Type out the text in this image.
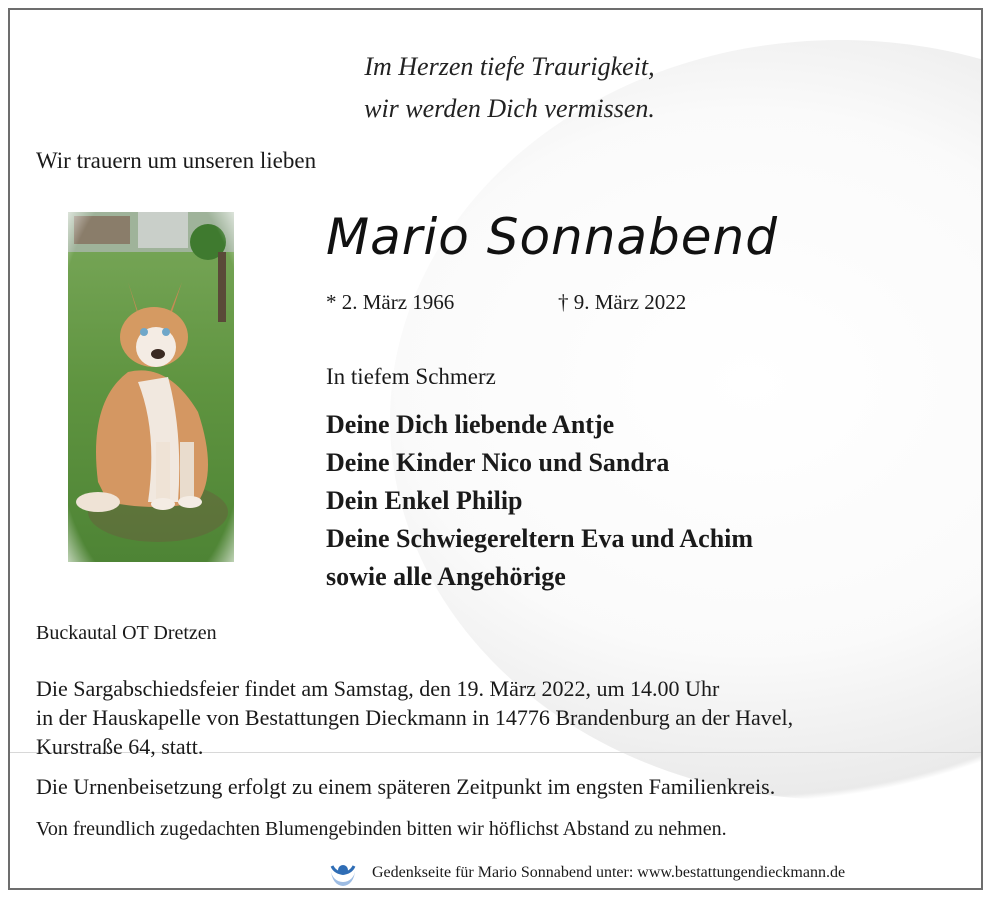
Im Herzen tiefe Traurigkeit,
wir werden Dich vermissen.
Wir trauern um unseren lieben
Mario Sonnabend
* 2. März 1966	† 9. März 2022
In tiefem Schmerz
Deine Dich liebende Antje
Deine Kinder Nico und Sandra
Dein Enkel Philip
Deine Schwiegereltern Eva und Achim
sowie alle Angehörige
Buckautal OT Dretzen
Die Sargabschiedsfeier findet am Samstag, den 19. März 2022, um 14.00 Uhr
in der Hauskapelle von Bestattungen Dieckmann in 14776 Brandenburg an der Havel,
Kurstraße 64, statt.
Die Urnenbeisetzung erfolgt zu einem späteren Zeitpunkt im engsten Familienkreis.
Von freundlich zugedachten Blumengebinden bitten wir höflichst Abstand zu nehmen.
Gedenkseite für Mario Sonnabend unter: www.bestattungendieckmann.de
